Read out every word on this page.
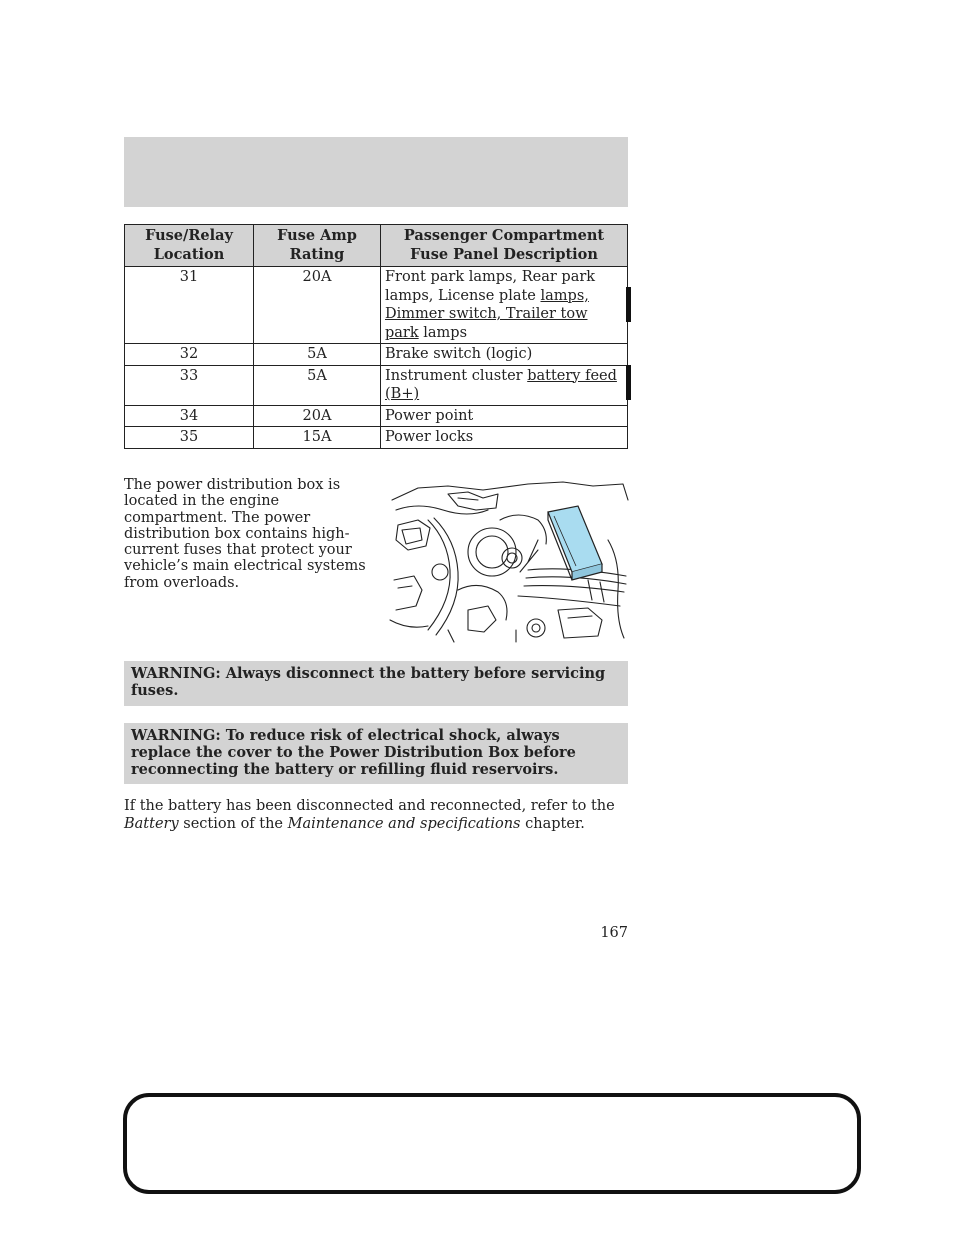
Fuse/Relay Location	Fuse Amp Rating	Passenger Compartment Fuse Panel Description
31	20A	Front park lamps, Rear park lamps, License plate lamps, Dimmer switch, Trailer tow park lamps
32	5A	Brake switch (logic)
33	5A	Instrument cluster battery feed (B+)
34	20A	Power point
35	15A	Power locks

The power distribution box is located in the engine compartment. The power distribution box contains high-current fuses that protect your vehicle’s main electrical systems from overloads.

WARNING: Always disconnect the battery before servicing fuses.
WARNING: To reduce risk of electrical shock, always replace the cover to the Power Distribution Box before reconnecting the battery or refilling fluid reservoirs.

If the battery has been disconnected and reconnected, refer to the
Battery section of the Maintenance and specifications chapter.

167
